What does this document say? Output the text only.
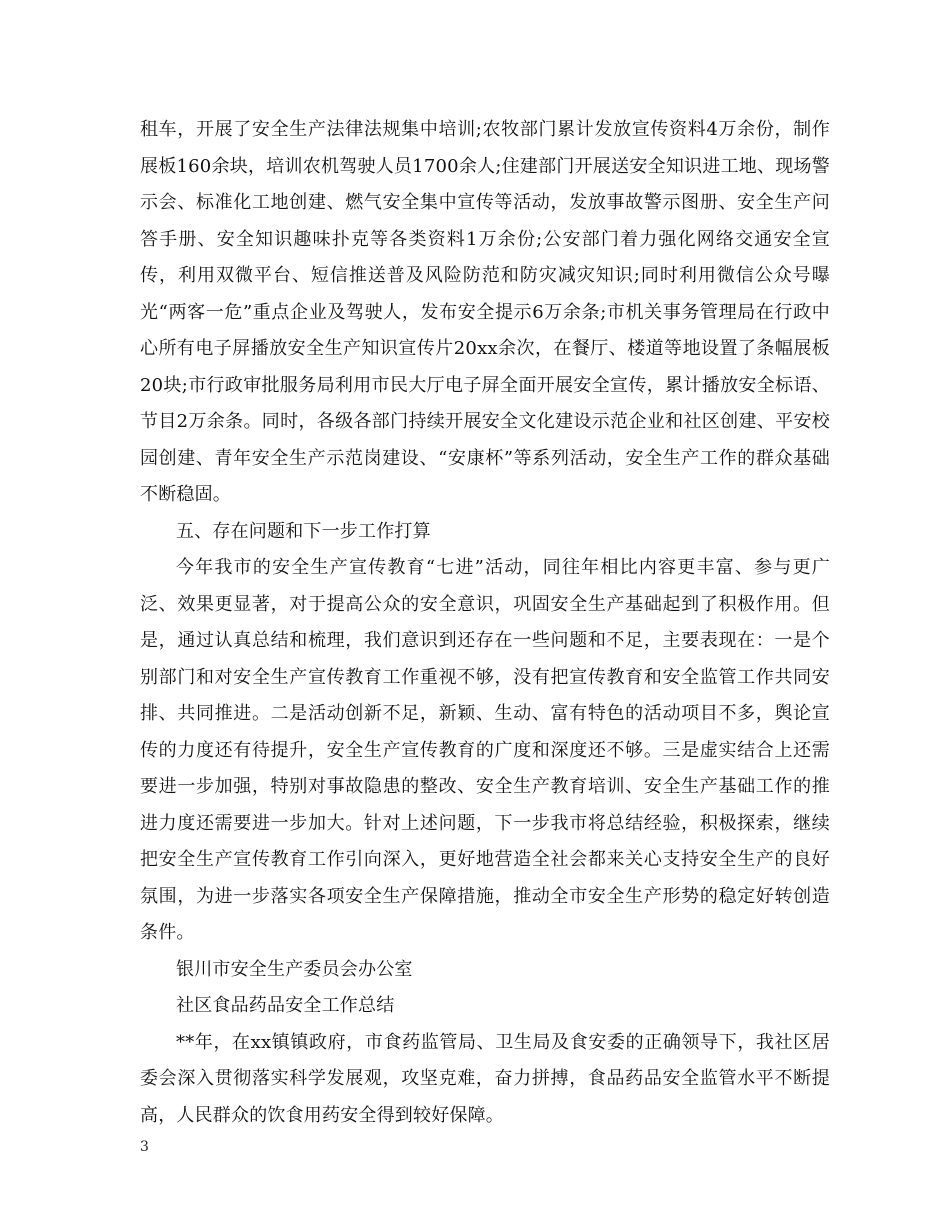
租车，开展了安全生产法律法规集中培训;农牧部门累计发放宣传资料4万余份，制作展板160余块，培训农机驾驶人员1700余人;住建部门开展送安全知识进工地、现场警示会、标准化工地创建、燃气安全集中宣传等活动，发放事故警示图册、安全生产问答手册、安全知识趣味扑克等各类资料1万余份;公安部门着力强化网络交通安全宣传，利用双微平台、短信推送普及风险防范和防灾减灾知识;同时利用微信公众号曝光“两客一危”重点企业及驾驶人，发布安全提示6万余条;市机关事务管理局在行政中心所有电子屏播放安全生产知识宣传片20xx余次，在餐厅、楼道等地设置了条幅展板20块;市行政审批服务局利用市民大厅电子屏全面开展安全宣传，累计播放安全标语、节目2万余条。同时，各级各部门持续开展安全文化建设示范企业和社区创建、平安校园创建、青年安全生产示范岗建设、“安康杯”等系列活动，安全生产工作的群众基础不断稳固。

五、存在问题和下一步工作打算

今年我市的安全生产宣传教育“七进”活动，同往年相比内容更丰富、参与更广泛、效果更显著，对于提高公众的安全意识，巩固安全生产基础起到了积极作用。但是，通过认真总结和梳理，我们意识到还存在一些问题和不足，主要表现在：一是个别部门和对安全生产宣传教育工作重视不够，没有把宣传教育和安全监管工作共同安排、共同推进。二是活动创新不足，新颖、生动、富有特色的活动项目不多，舆论宣传的力度还有待提升，安全生产宣传教育的广度和深度还不够。三是虚实结合上还需要进一步加强，特别对事故隐患的整改、安全生产教育培训、安全生产基础工作的推进力度还需要进一步加大。针对上述问题，下一步我市将总结经验，积极探索，继续把安全生产宣传教育工作引向深入，更好地营造全社会都来关心支持安全生产的良好氛围，为进一步落实各项安全生产保障措施，推动全市安全生产形势的稳定好转创造条件。

银川市安全生产委员会办公室

社区食品药品安全工作总结

**年，在xx镇镇政府，市食药监管局、卫生局及食安委的正确领导下，我社区居委会深入贯彻落实科学发展观，攻坚克难，奋力拼搏，食品药品安全监管水平不断提高，人民群众的饮食用药安全得到较好保障。

3
